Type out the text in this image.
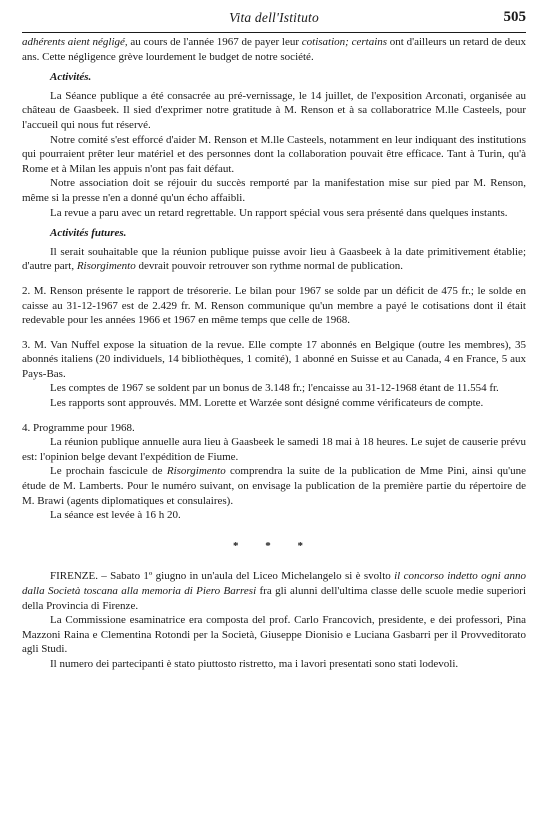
Vita dell'Istituto	505

adhérents aient négligé, au cours de l'année 1967 de payer leur cotisation; certains ont d'ailleurs un retard de deux ans. Cette négligence grève lourdement le budget de notre société.

Activités.

La Séance publique a été consacrée au pré-vernissage, le 14 juillet, de l'exposition Arconati, organisée au château de Gaasbeek. Il sied d'exprimer notre gratitude à M. Renson et à sa collaboratrice M.lle Casteels, pour l'accueil qui nous fut réservé.

Notre comité s'est efforcé d'aider M. Renson et M.lle Casteels, notamment en leur indiquant des institutions qui pourraient prêter leur matériel et des personnes dont la collaboration pouvait être efficace. Tant à Turin, qu'à Rome et à Milan les appuis n'ont pas fait défaut.

Notre association doit se réjouir du succès remporté par la manifestation mise sur pied par M. Renson, même si la presse n'en a donné qu'un écho affaibli.

La revue a paru avec un retard regrettable. Un rapport spécial vous sera présenté dans quelques instants.

Activités futures.

Il serait souhaitable que la réunion publique puisse avoir lieu à Gaasbeek à la date primitivement établie; d'autre part, Risorgimento devrait pouvoir retrouver son rythme normal de publication.

2. M. Renson présente le rapport de trésorerie. Le bilan pour 1967 se solde par un déficit de 475 fr.; le solde en caisse au 31-12-1967 est de 2.429 fr. M. Renson communique qu'un membre a payé le cotisations dont il était redevable pour les années 1966 et 1967 en même temps que celle de 1968.

3. M. Van Nuffel expose la situation de la revue. Elle compte 17 abonnés en Belgique (outre les membres), 35 abonnés italiens (20 individuels, 14 bibliothèques, 1 comité), 1 abonné en Suisse et au Canada, 4 en France, 5 aux Pays-Bas.

Les comptes de 1967 se soldent par un bonus de 3.148 fr.; l'encaisse au 31-12-1968 étant de 11.554 fr.

Les rapports sont approuvés. MM. Lorette et Warzée sont désigné comme vérificateurs de compte.

4. Programme pour 1968.

La réunion publique annuelle aura lieu à Gaasbeek le samedi 18 mai à 18 heures. Le sujet de causerie prévu est: l'opinion belge devant l'expédition de Fiume.

Le prochain fascicule de Risorgimento comprendra la suite de la publication de Mme Pini, ainsi qu'une étude de M. Lamberts. Pour le numéro suivant, on envisage la publication de la première partie du répertoire de M. Brawi (agents diplomatiques et consulaires).

La séance est levée à 16 h 20.

* * *

FIRENZE. – Sabato 1º giugno in un'aula del Liceo Michelangelo si è svolto il concorso indetto ogni anno dalla Società toscana alla memoria di Piero Barresi fra gli alunni dell'ultima classe delle scuole medie superiori della Provincia di Firenze.

La Commissione esaminatrice era composta del prof. Carlo Francovich, presidente, e dei professori, Pina Mazzoni Raina e Clementina Rotondi per la Società, Giuseppe Dionisio e Luciana Gasbarri per il Provveditorato agli Studi.

Il numero dei partecipanti è stato piuttosto ristretto, ma i lavori presentati sono stati lodevoli.
